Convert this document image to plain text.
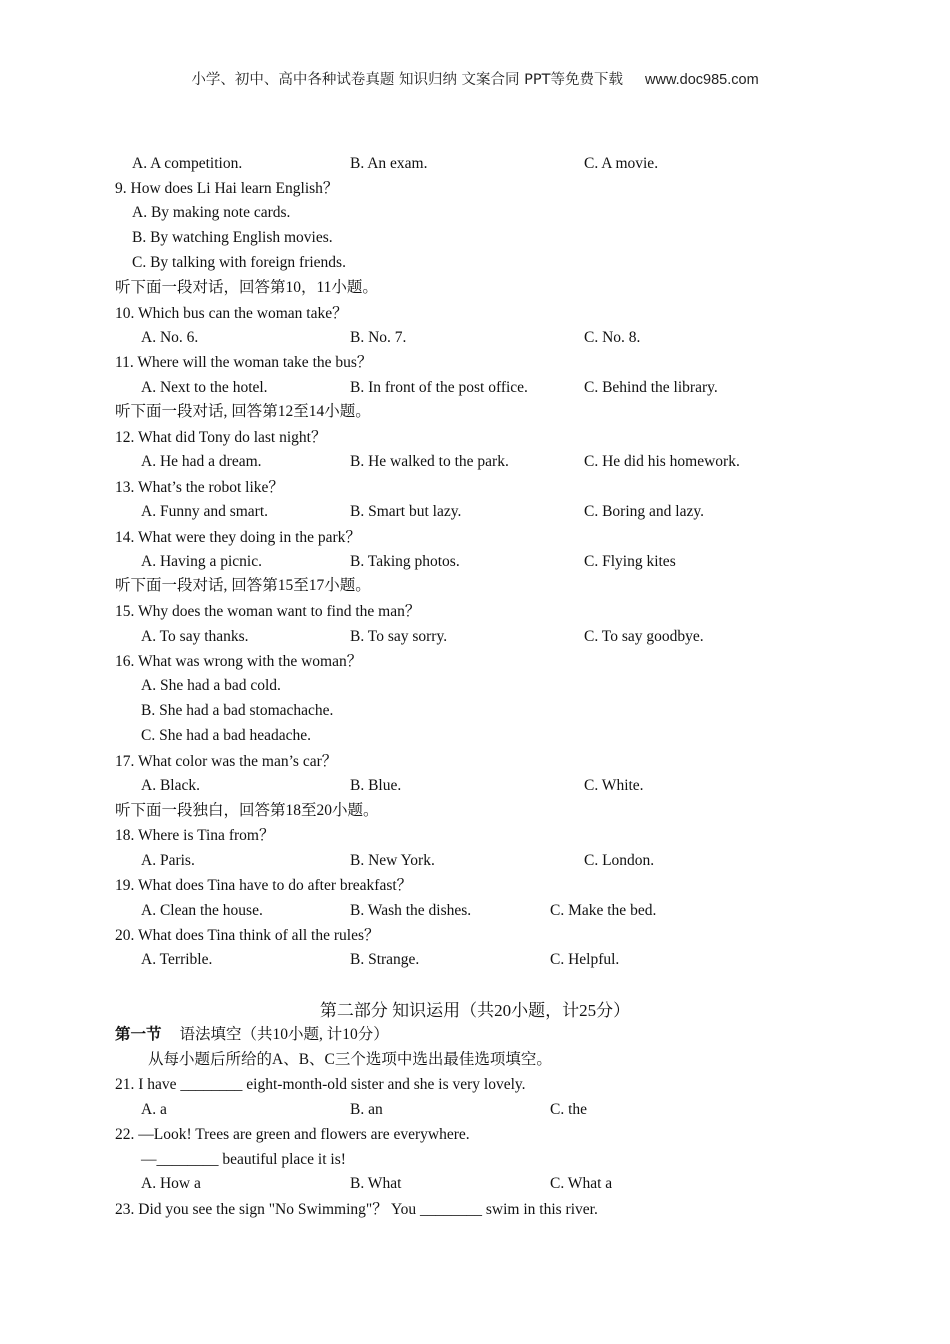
小学、初中、高中各种试卷真题 知识归纳 文案合同 PPT等免费下载 www.doc985.com
A. A competition.	B. An exam.	C. A movie.
9. How does Li Hai learn English？
A. By making note cards.
B. By watching English movies.
C. By talking with foreign friends.
听下面一段对话，回答第10，11小题。
10. Which bus can the woman take？
A. No. 6.	B. No. 7.	C. No. 8.
11. Where will the woman take the bus？
A. Next to the hotel.	B. In front of the post office.	C. Behind the library.
听下面一段对话, 回答第12至14小题。
12. What did Tony do last night？
A. He had a dream.	B. He walked to the park.	C. He did his homework.
13. What’s the robot like？
A. Funny and smart.	B. Smart but lazy.	C. Boring and lazy.
14. What were they doing in the park？
A. Having a picnic.	B. Taking photos.	C. Flying kites
听下面一段对话, 回答第15至17小题。
15. Why does the woman want to find the man？
A. To say thanks.	B. To say sorry.	C. To say goodbye.
16. What was wrong with the woman？
A. She had a bad cold.
B. She had a bad stomachache.
C. She had a bad headache.
17. What color was the man’s car？
A. Black.	B. Blue.	C. White.
听下面一段独白，回答第18至20小题。
18. Where is Tina from？
A. Paris.	B. New York.	C. London.
19. What does Tina have to do after breakfast？
A. Clean the house.	B. Wash the dishes.	C. Make the bed.
20. What does Tina think of all the rules？
A. Terrible.	B. Strange.	C. Helpful.
第二部分 知识运用（共20小题，计25分）
第一节 语法填空（共10小题, 计10分）
从每小题后所给的A、B、C三个选项中选出最佳选项填空。
21. I have ________ eight-month-old sister and she is very lovely.
A. a	B. an	C. the
22. —Look! Trees are green and flowers are everywhere.
—________ beautiful place it is!
A. How a	B. What	C. What a
23. Did you see the sign "No Swimming"？ You ________ swim in this river.
